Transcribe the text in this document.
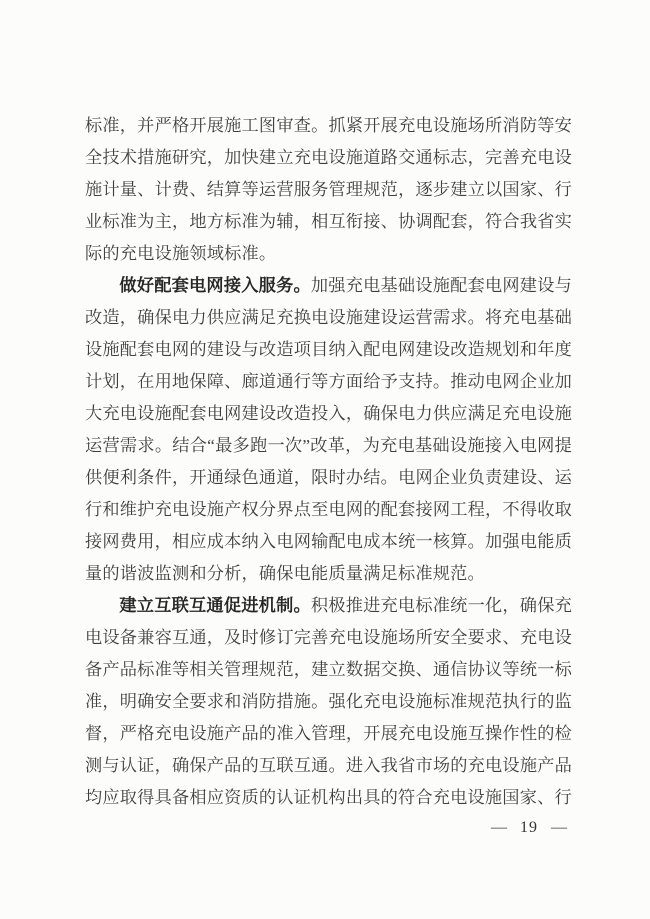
标准，并严格开展施工图审查。抓紧开展充电设施场所消防等安全技术措施研究，加快建立充电设施道路交通标志，完善充电设施计量、计费、结算等运营服务管理规范，逐步建立以国家、行业标准为主，地方标准为辅，相互衔接、协调配套，符合我省实际的充电设施领域标准。

做好配套电网接入服务。加强充电基础设施配套电网建设与改造，确保电力供应满足充换电设施建设运营需求。将充电基础设施配套电网的建设与改造项目纳入配电网建设改造规划和年度计划，在用地保障、廊道通行等方面给予支持。推动电网企业加大充电设施配套电网建设改造投入，确保电力供应满足充电设施运营需求。结合“最多跑一次”改革，为充电基础设施接入电网提供便利条件，开通绿色通道，限时办结。电网企业负责建设、运行和维护充电设施产权分界点至电网的配套接网工程，不得收取接网费用，相应成本纳入电网输配电成本统一核算。加强电能质量的谐波监测和分析，确保电能质量满足标准规范。

建立互联互通促进机制。积极推进充电标准统一化，确保充电设备兼容互通，及时修订完善充电设施场所安全要求、充电设备产品标准等相关管理规范，建立数据交换、通信协议等统一标准，明确安全要求和消防措施。强化充电设施标准规范执行的监督，严格充电设施产品的准入管理，开展充电设施互操作性的检测与认证，确保产品的互联互通。进入我省市场的充电设施产品均应取得具备相应资质的认证机构出具的符合充电设施国家、行

— 19 —
